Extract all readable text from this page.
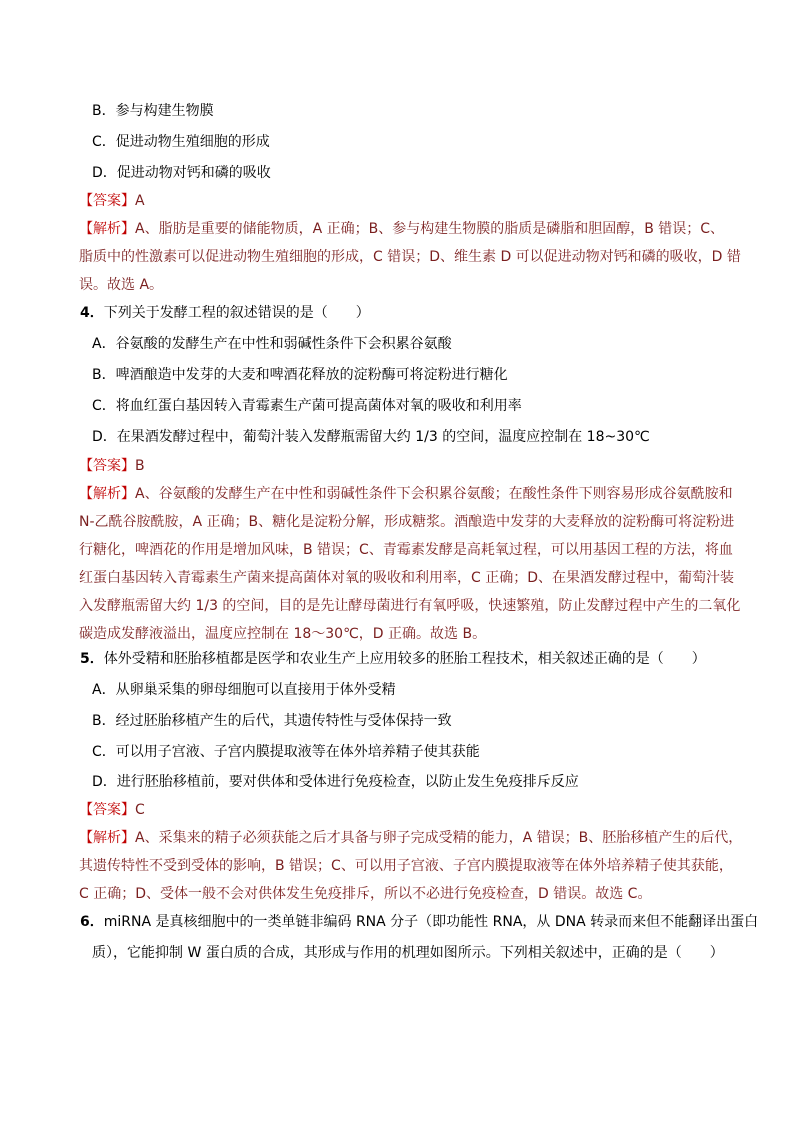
B．参与构建生物膜
C．促进动物生殖细胞的形成
D．促进动物对钙和磷的吸收
【答案】A
【解析】A、脂肪是重要的储能物质，A 正确；B、参与构建生物膜的脂质是磷脂和胆固醇，B 错误；C、
脂质中的性激素可以促进动物生殖细胞的形成，C 错误；D、维生素 D 可以促进动物对钙和磷的吸收，D 错
误。故选 A。
4．下列关于发酵工程的叙述错误的是（　　）
A．谷氨酸的发酵生产在中性和弱碱性条件下会积累谷氨酸
B．啤酒酿造中发芽的大麦和啤酒花释放的淀粉酶可将淀粉进行糖化
C．将血红蛋白基因转入青霉素生产菌可提高菌体对氧的吸收和利用率
D．在果酒发酵过程中，葡萄汁装入发酵瓶需留大约 1/3 的空间，温度应控制在 18~30℃
【答案】B
【解析】A、谷氨酸的发酵生产在中性和弱碱性条件下会积累谷氨酸；在酸性条件下则容易形成谷氨酰胺和
N-乙酰谷胺酰胺，A 正确；B、糖化是淀粉分解，形成糖浆。酒酿造中发芽的大麦释放的淀粉酶可将淀粉进
行糖化，啤酒花的作用是增加风味，B 错误；C、青霉素发酵是高耗氧过程，可以用基因工程的方法，将血
红蛋白基因转入青霉素生产菌来提高菌体对氧的吸收和利用率，C 正确；D、在果酒发酵过程中，葡萄汁装
入发酵瓶需留大约 1/3 的空间，目的是先让酵母菌进行有氧呼吸，快速繁殖，防止发酵过程中产生的二氧化
碳造成发酵液溢出，温度应控制在 18～30℃，D 正确。故选 B。
5．体外受精和胚胎移植都是医学和农业生产上应用较多的胚胎工程技术，相关叙述正确的是（　　）
A．从卵巢采集的卵母细胞可以直接用于体外受精
B．经过胚胎移植产生的后代，其遗传特性与受体保持一致
C．可以用子宫液、子宫内膜提取液等在体外培养精子使其获能
D．进行胚胎移植前，要对供体和受体进行免疫检查，以防止发生免疫排斥反应
【答案】C
【解析】A、采集来的精子必须获能之后才具备与卵子完成受精的能力，A 错误；B、胚胎移植产生的后代，
其遗传特性不受到受体的影响，B 错误；C、可以用子宫液、子宫内膜提取液等在体外培养精子使其获能，
C 正确；D、受体一般不会对供体发生免疫排斥，所以不必进行免疫检查，D 错误。故选 C。
6．miRNA 是真核细胞中的一类单链非编码 RNA 分子（即功能性 RNA，从 DNA 转录而来但不能翻译出蛋白
质），它能抑制 W 蛋白质的合成，其形成与作用的机理如图所示。下列相关叙述中，正确的是（　　）
